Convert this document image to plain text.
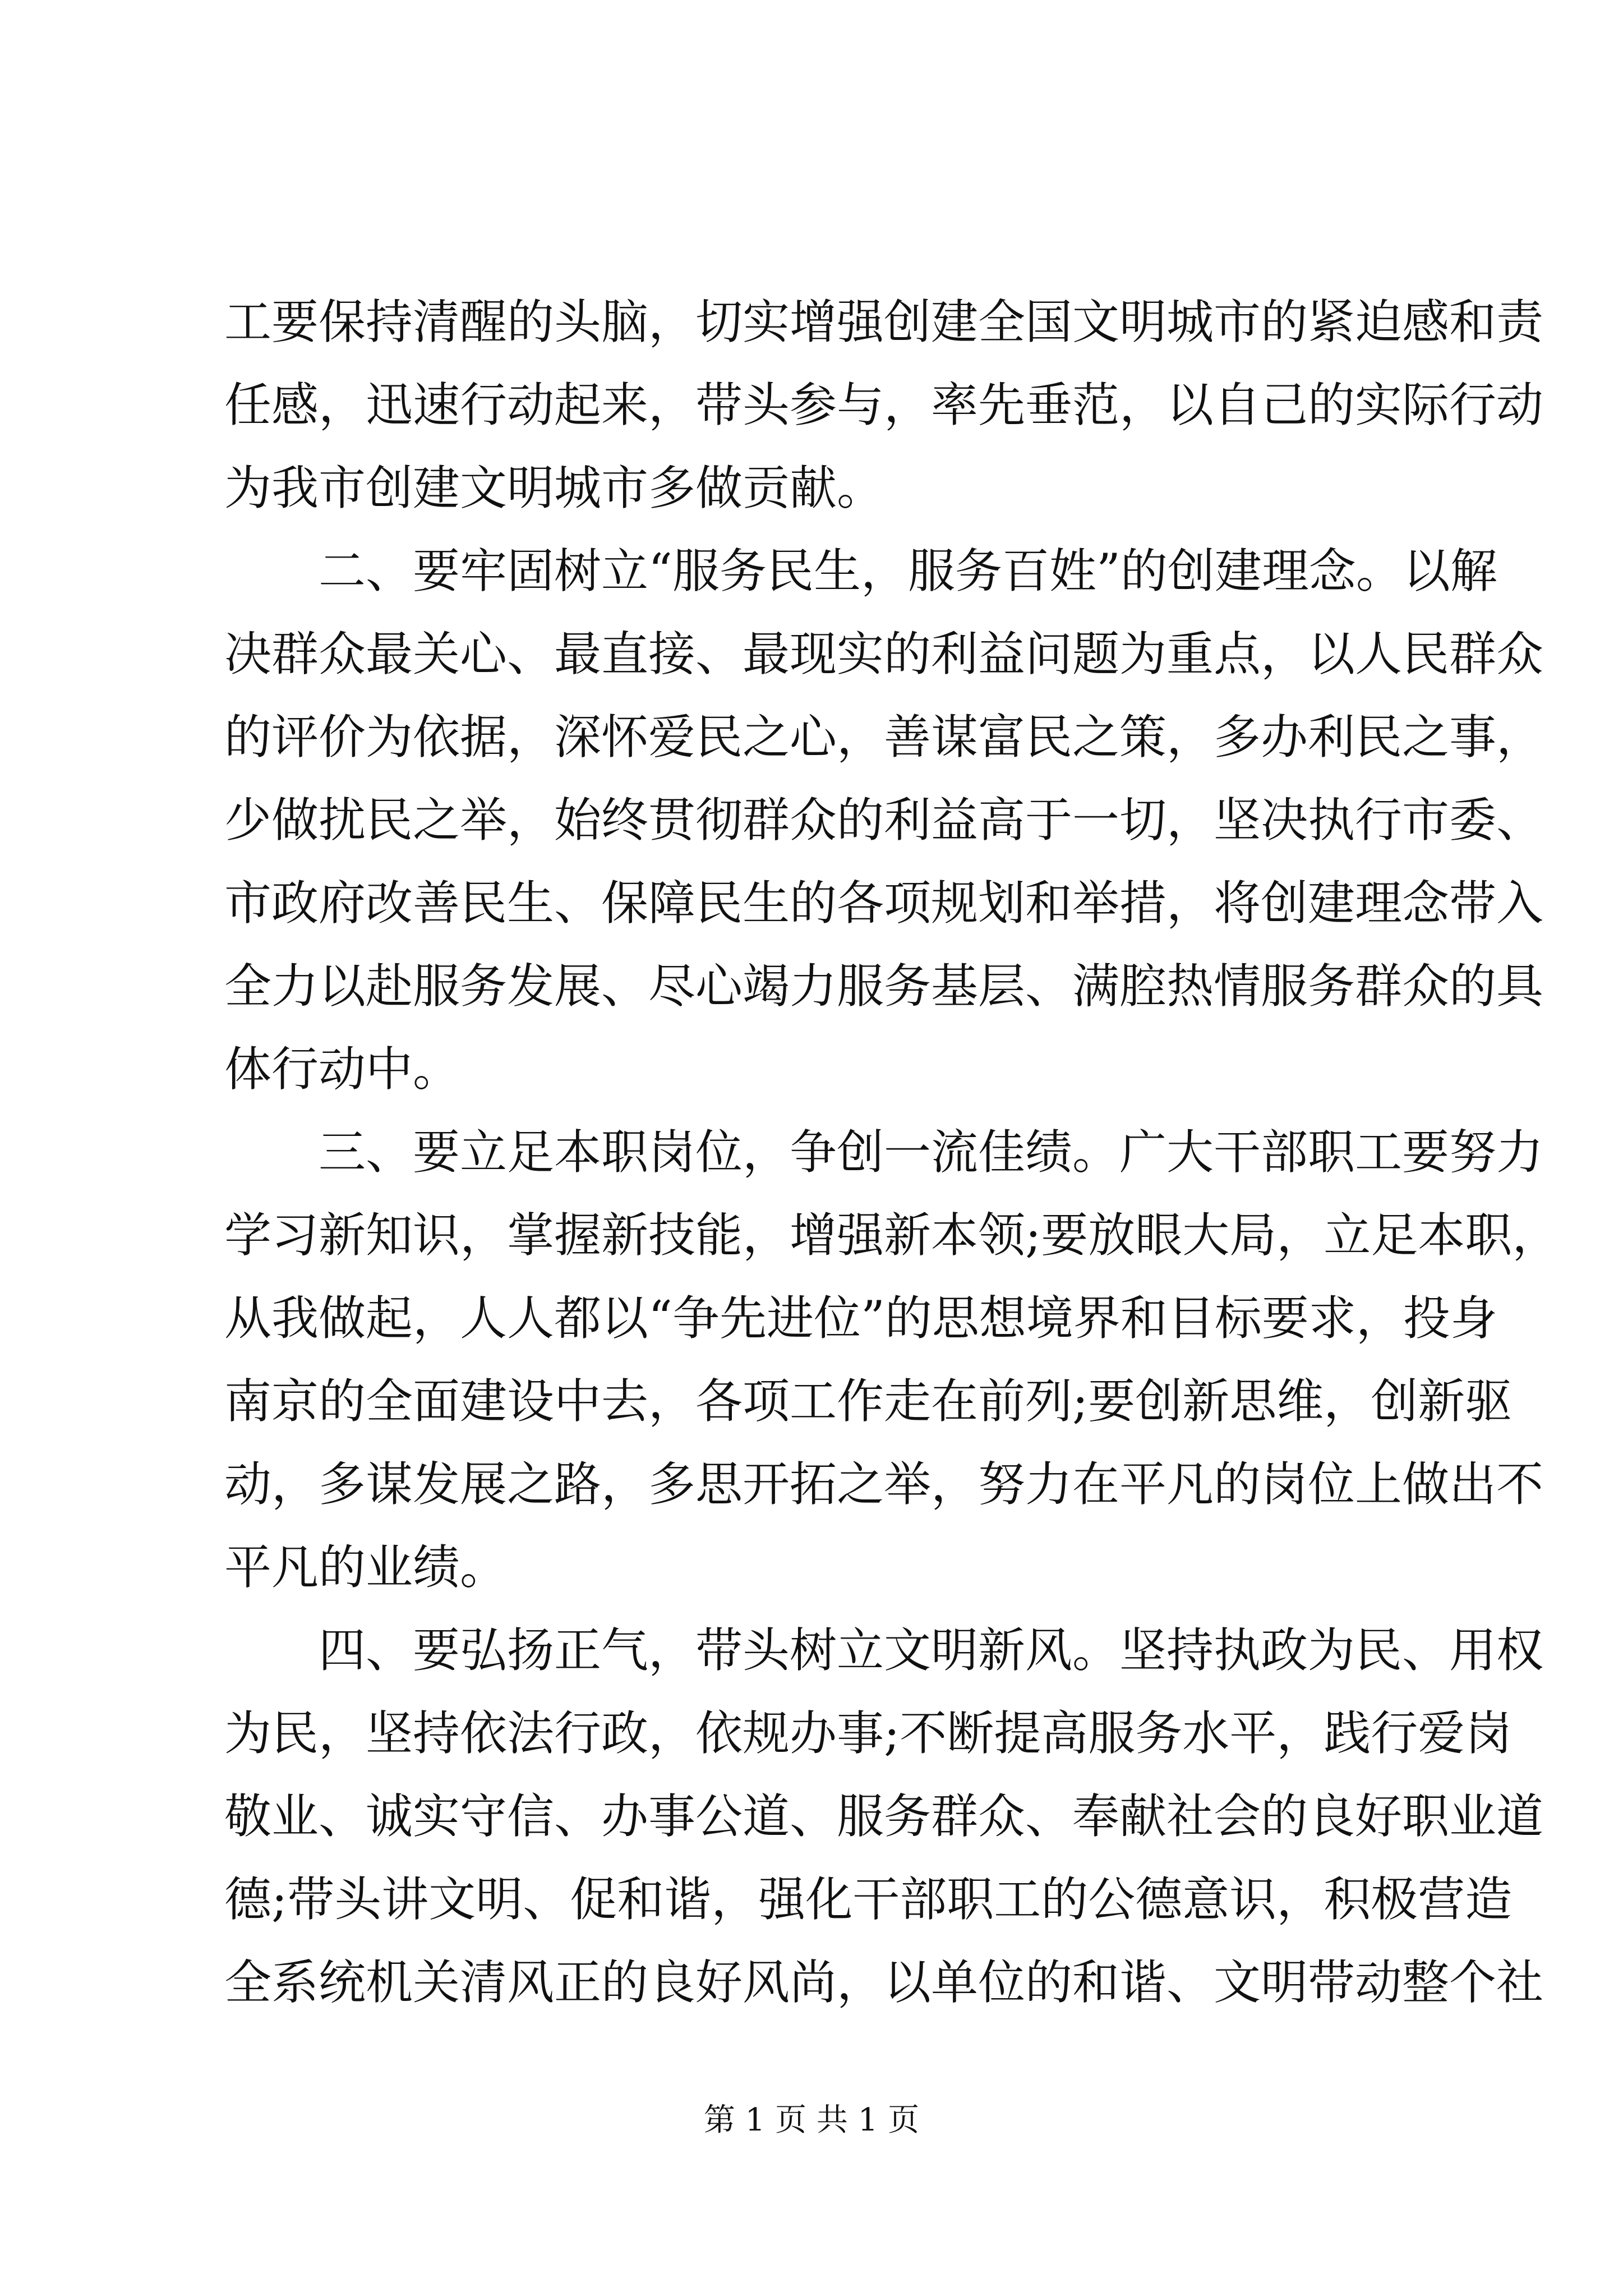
工要保持清醒的头脑，切实增强创建全国文明城市的紧迫感和责
任感，迅速行动起来，带头参与，率先垂范，以自己的实际行动
为我市创建文明城市多做贡献。
二、要牢固树立“服务民生，服务百姓”的创建理念。以解
决群众最关心、最直接、最现实的利益问题为重点，以人民群众
的评价为依据，深怀爱民之心，善谋富民之策，多办利民之事，
少做扰民之举，始终贯彻群众的利益高于一切，坚决执行市委、
市政府改善民生、保障民生的各项规划和举措，将创建理念带入
全力以赴服务发展、尽心竭力服务基层、满腔热情服务群众的具
体行动中。
三、要立足本职岗位，争创一流佳绩。广大干部职工要努力
学习新知识，掌握新技能，增强新本领;要放眼大局，立足本职，
从我做起，人人都以“争先进位”的思想境界和目标要求，投身
南京的全面建设中去，各项工作走在前列;要创新思维，创新驱
动，多谋发展之路，多思开拓之举，努力在平凡的岗位上做出不
平凡的业绩。
四、要弘扬正气，带头树立文明新风。坚持执政为民、用权
为民，坚持依法行政，依规办事;不断提高服务水平，践行爱岗
敬业、诚实守信、办事公道、服务群众、奉献社会的良好职业道
德;带头讲文明、促和谐，强化干部职工的公德意识，积极营造
全系统机关清风正的良好风尚，以单位的和谐、文明带动整个社
第 1 页 共 1 页
